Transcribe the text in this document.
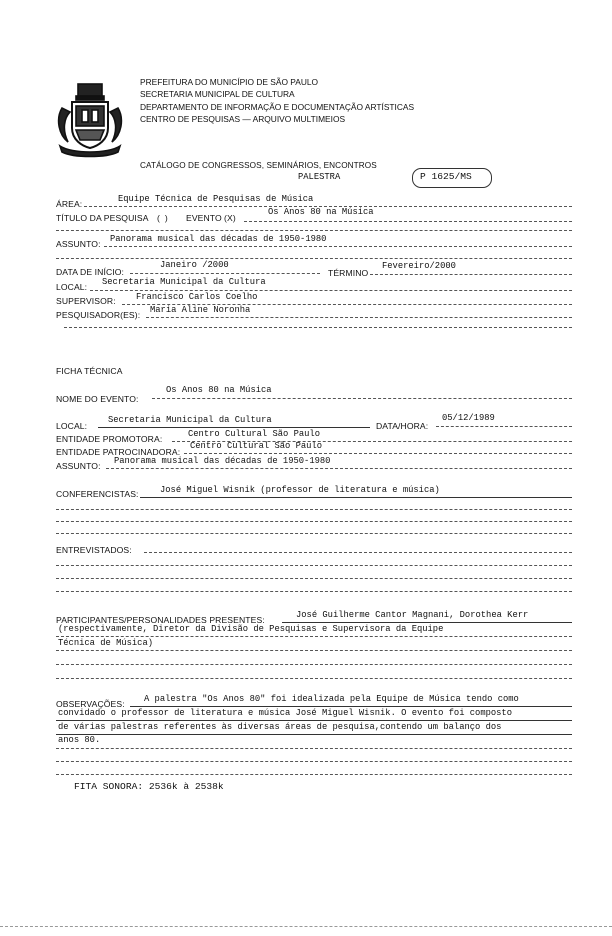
PREFEITURA DO MUNICÍPIO DE SÃO PAULO
SECRETARIA MUNICIPAL DE CULTURA
DEPARTAMENTO DE INFORMAÇÃO E DOCUMENTAÇÃO ARTÍSTICAS
CENTRO DE PESQUISAS — ARQUIVO MULTIMEIOS
CATÁLOGO DE CONGRESSOS, SEMINÁRIOS, ENCONTROS
PALESTRA	P 1625/MS
ÁREA:	Equipe Técnica de Pesquisas de Música
TÍTULO DA PESQUISA (  ) EVENTO (X)
Os Anos 80 na Música
ASSUNTO: Panorama musical das décadas de 1950-1980
DATA DE INÍCIO:
Janeiro /2000
TÉRMINO
Fevereiro/2000
LOCAL: Secretaria Municipal da Cultura
SUPERVISOR: Francisco Carlos Coelho
PESQUISADOR(ES): Maria Aline Noronha
FICHA TÉCNICA
NOME DO EVENTO:
Os Anos 80 na Música
LOCAL:
Secretaria Municipal da Cultura
DATA/HORA:
05/12/1989
ENTIDADE PROMOTORA:	Centro Cultural São Paulo
ENTIDADE PATROCINADORA:
Centro Cultural São Paulo
ASSUNTO: Panorama musical das décadas de 1950-1980
CONFERENCISTAS: José Miguel Wisnik (professor de literatura e música)
ENTREVISTADOS:
PARTICIPANTES/PERSONALIDADES PRESENTES:	José Guilherme Cantor Magnani, Dorothea Kerr
(respectivamente, Diretor da Divisão de Pesquisas e Supervisora da Equipe
Técnica de Música)
OBSERVAÇÕES: A palestra "Os Anos 80" foi idealizada pela Equipe de Música tendo como
convidado o professor de literatura e música José Miguel Wisnik. O evento foi composto
de várias palestras referentes às diversas áreas de pesquisa,contendo um balanço dos
anos 80.
FITA SONORA: 2536k à 2538k
